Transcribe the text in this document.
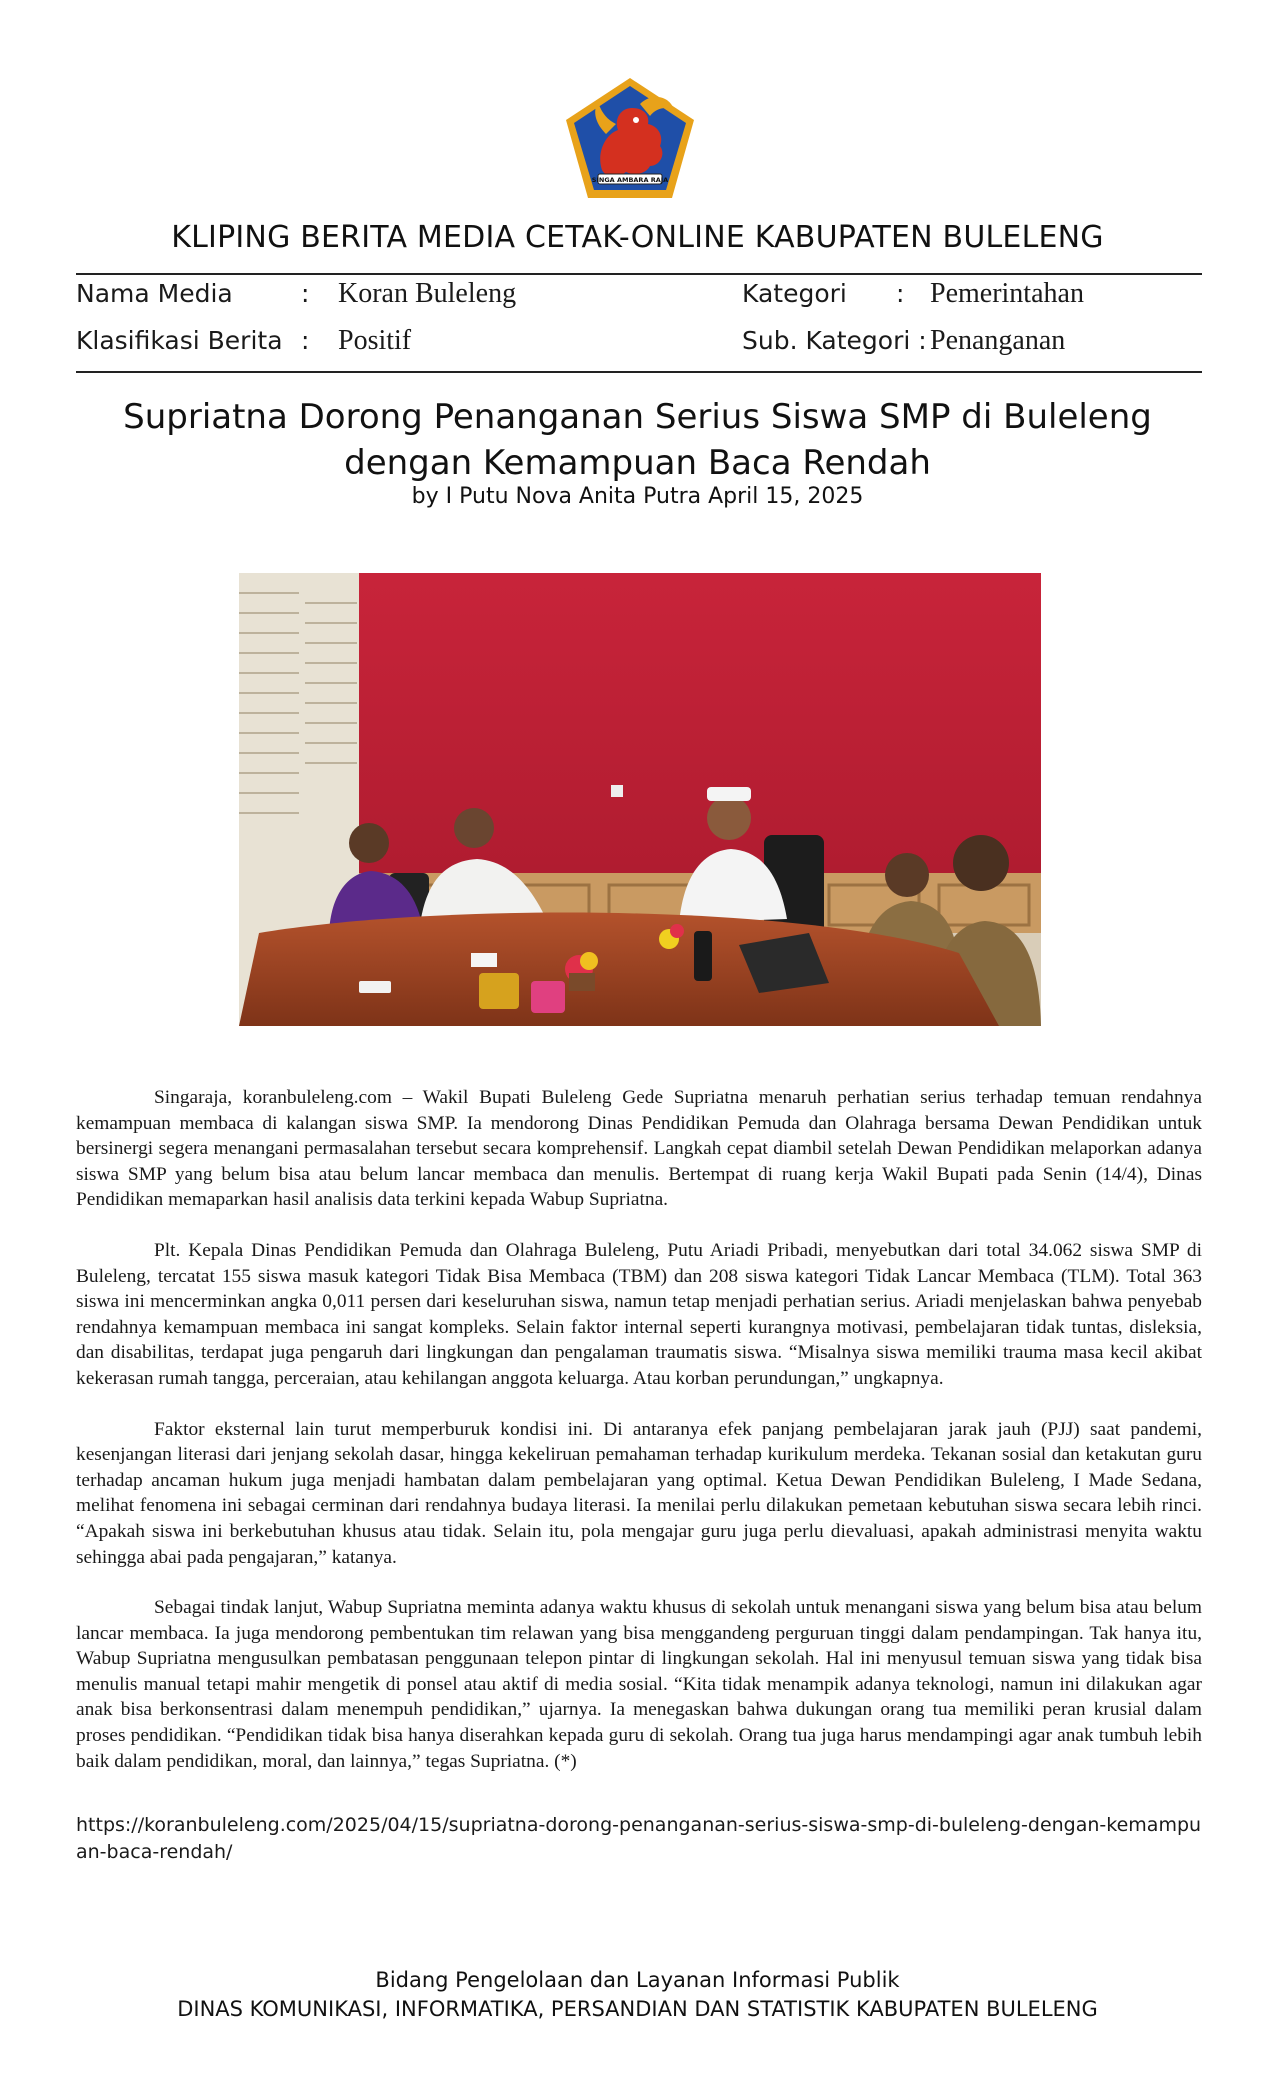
SINGA AMBARA RAJA
KLIPING BERITA MEDIA CETAK-ONLINE KABUPATEN BULELENG
Nama Media	: Koran Buleleng	Kategori : Pemerintahan
Klasifikasi Berita : Positif	Sub. Kategori : Penanganan
Supriatna Dorong Penanganan Serius Siswa SMP di Buleleng dengan Kemampuan Baca Rendah
by I Putu Nova Anita Putra April 15, 2025

Singaraja, koranbuleleng.com – Wakil Bupati Buleleng Gede Supriatna menaruh perhatian serius terhadap temuan rendahnya kemampuan membaca di kalangan siswa SMP. Ia mendorong Dinas Pendidikan Pemuda dan Olahraga bersama Dewan Pendidikan untuk bersinergi segera menangani permasalahan tersebut secara komprehensif. Langkah cepat diambil setelah Dewan Pendidikan melaporkan adanya siswa SMP yang belum bisa atau belum lancar membaca dan menulis. Bertempat di ruang kerja Wakil Bupati pada Senin (14/4), Dinas Pendidikan memaparkan hasil analisis data terkini kepada Wabup Supriatna.

Plt. Kepala Dinas Pendidikan Pemuda dan Olahraga Buleleng, Putu Ariadi Pribadi, menyebutkan dari total 34.062 siswa SMP di Buleleng, tercatat 155 siswa masuk kategori Tidak Bisa Membaca (TBM) dan 208 siswa kategori Tidak Lancar Membaca (TLM). Total 363 siswa ini mencerminkan angka 0,011 persen dari keseluruhan siswa, namun tetap menjadi perhatian serius. Ariadi menjelaskan bahwa penyebab rendahnya kemampuan membaca ini sangat kompleks. Selain faktor internal seperti kurangnya motivasi, pembelajaran tidak tuntas, disleksia, dan disabilitas, terdapat juga pengaruh dari lingkungan dan pengalaman traumatis siswa. “Misalnya siswa memiliki trauma masa kecil akibat kekerasan rumah tangga, perceraian, atau kehilangan anggota keluarga. Atau korban perundungan,” ungkapnya.

Faktor eksternal lain turut memperburuk kondisi ini. Di antaranya efek panjang pembelajaran jarak jauh (PJJ) saat pandemi, kesenjangan literasi dari jenjang sekolah dasar, hingga kekeliruan pemahaman terhadap kurikulum merdeka. Tekanan sosial dan ketakutan guru terhadap ancaman hukum juga menjadi hambatan dalam pembelajaran yang optimal. Ketua Dewan Pendidikan Buleleng, I Made Sedana, melihat fenomena ini sebagai cerminan dari rendahnya budaya literasi. Ia menilai perlu dilakukan pemetaan kebutuhan siswa secara lebih rinci. “Apakah siswa ini berkebutuhan khusus atau tidak. Selain itu, pola mengajar guru juga perlu dievaluasi, apakah administrasi menyita waktu sehingga abai pada pengajaran,” katanya.

Sebagai tindak lanjut, Wabup Supriatna meminta adanya waktu khusus di sekolah untuk menangani siswa yang belum bisa atau belum lancar membaca. Ia juga mendorong pembentukan tim relawan yang bisa menggandeng perguruan tinggi dalam pendampingan. Tak hanya itu, Wabup Supriatna mengusulkan pembatasan penggunaan telepon pintar di lingkungan sekolah. Hal ini menyusul temuan siswa yang tidak bisa menulis manual tetapi mahir mengetik di ponsel atau aktif di media sosial. “Kita tidak menampik adanya teknologi, namun ini dilakukan agar anak bisa berkonsentrasi dalam menempuh pendidikan,” ujarnya. Ia menegaskan bahwa dukungan orang tua memiliki peran krusial dalam proses pendidikan. “Pendidikan tidak bisa hanya diserahkan kepada guru di sekolah. Orang tua juga harus mendampingi agar anak tumbuh lebih baik dalam pendidikan, moral, dan lainnya,” tegas Supriatna. (*)

https://koranbuleleng.com/2025/04/15/supriatna-dorong-penanganan-serius-siswa-smp-di-buleleng-dengan-kemampuan-baca-rendah/
Bidang Pengelolaan dan Layanan Informasi Publik
DINAS KOMUNIKASI, INFORMATIKA, PERSANDIAN DAN STATISTIK KABUPATEN BULELENG
